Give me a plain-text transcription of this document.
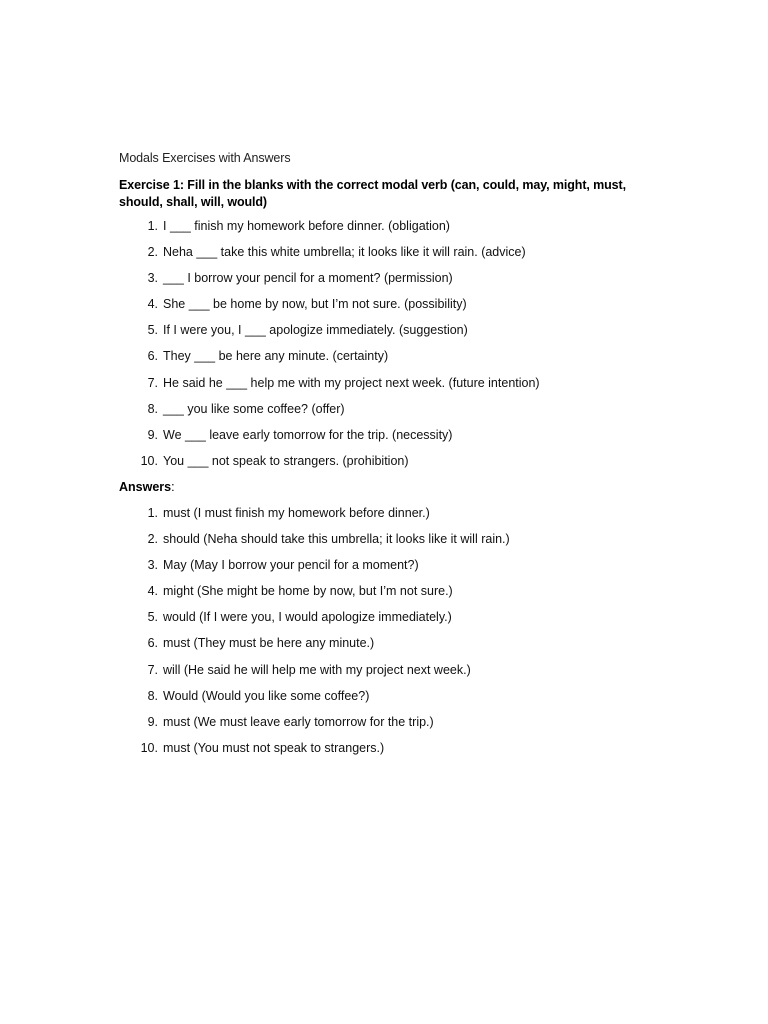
Modals Exercises with Answers
Exercise 1: Fill in the blanks with the correct modal verb (can, could, may, might, must, should, shall, will, would)
1. I ___ finish my homework before dinner. (obligation)
2. Neha ___ take this white umbrella; it looks like it will rain. (advice)
3. ___ I borrow your pencil for a moment? (permission)
4. She ___ be home by now, but I’m not sure. (possibility)
5. If I were you, I ___ apologize immediately. (suggestion)
6. They ___ be here any minute. (certainty)
7. He said he ___ help me with my project next week. (future intention)
8. ___ you like some coffee? (offer)
9. We ___ leave early tomorrow for the trip. (necessity)
10. You ___ not speak to strangers. (prohibition)
Answers:
1. must (I must finish my homework before dinner.)
2. should (Neha should take this umbrella; it looks like it will rain.)
3. May (May I borrow your pencil for a moment?)
4. might (She might be home by now, but I’m not sure.)
5. would (If I were you, I would apologize immediately.)
6. must (They must be here any minute.)
7. will (He said he will help me with my project next week.)
8. Would (Would you like some coffee?)
9. must (We must leave early tomorrow for the trip.)
10. must (You must not speak to strangers.)
